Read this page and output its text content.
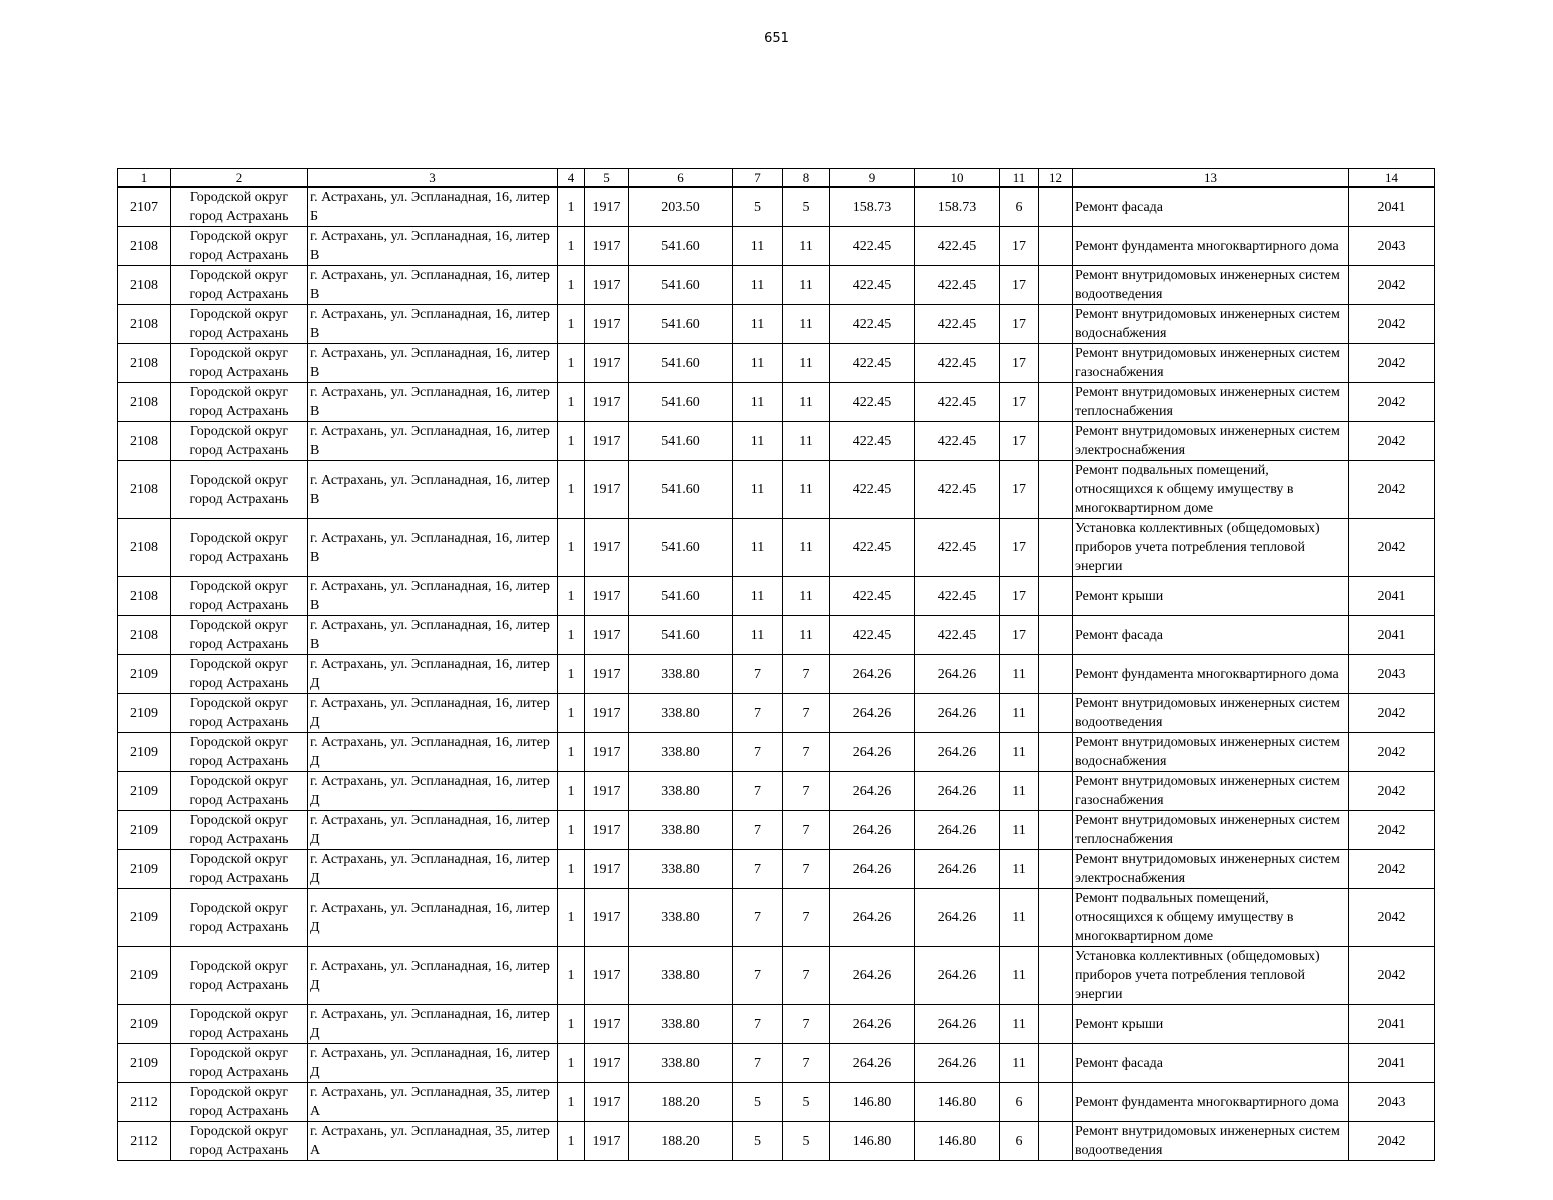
651
1	2	3	4	5	6	7	8	9	10	11	12	13	14
2107	Городской округ город Астрахань	г. Астрахань, ул. Эспланадная, 16, литер Б	1	1917	203.50	5	5	158.73	158.73	6		Ремонт фасада	2041
2108	Городской округ город Астрахань	г. Астрахань, ул. Эспланадная, 16, литер В	1	1917	541.60	11	11	422.45	422.45	17		Ремонт фундамента многоквартирного дома	2043
2108	Городской округ город Астрахань	г. Астрахань, ул. Эспланадная, 16, литер В	1	1917	541.60	11	11	422.45	422.45	17		Ремонт внутридомовых инженерных систем водоотведения	2042
2108	Городской округ город Астрахань	г. Астрахань, ул. Эспланадная, 16, литер В	1	1917	541.60	11	11	422.45	422.45	17		Ремонт внутридомовых инженерных систем водоснабжения	2042
2108	Городской округ город Астрахань	г. Астрахань, ул. Эспланадная, 16, литер В	1	1917	541.60	11	11	422.45	422.45	17		Ремонт внутридомовых инженерных систем газоснабжения	2042
2108	Городской округ город Астрахань	г. Астрахань, ул. Эспланадная, 16, литер В	1	1917	541.60	11	11	422.45	422.45	17		Ремонт внутридомовых инженерных систем теплоснабжения	2042
2108	Городской округ город Астрахань	г. Астрахань, ул. Эспланадная, 16, литер В	1	1917	541.60	11	11	422.45	422.45	17		Ремонт внутридомовых инженерных систем электроснабжения	2042
2108	Городской округ город Астрахань	г. Астрахань, ул. Эспланадная, 16, литер В	1	1917	541.60	11	11	422.45	422.45	17		Ремонт подвальных помещений, относящихся к общему имуществу в многоквартирном доме	2042
2108	Городской округ город Астрахань	г. Астрахань, ул. Эспланадная, 16, литер В	1	1917	541.60	11	11	422.45	422.45	17		Установка коллективных (общедомовых) приборов учета потребления тепловой энергии	2042
2108	Городской округ город Астрахань	г. Астрахань, ул. Эспланадная, 16, литер В	1	1917	541.60	11	11	422.45	422.45	17		Ремонт крыши	2041
2108	Городской округ город Астрахань	г. Астрахань, ул. Эспланадная, 16, литер В	1	1917	541.60	11	11	422.45	422.45	17		Ремонт фасада	2041
2109	Городской округ город Астрахань	г. Астрахань, ул. Эспланадная, 16, литер Д	1	1917	338.80	7	7	264.26	264.26	11		Ремонт фундамента многоквартирного дома	2043
2109	Городской округ город Астрахань	г. Астрахань, ул. Эспланадная, 16, литер Д	1	1917	338.80	7	7	264.26	264.26	11		Ремонт внутридомовых инженерных систем водоотведения	2042
2109	Городской округ город Астрахань	г. Астрахань, ул. Эспланадная, 16, литер Д	1	1917	338.80	7	7	264.26	264.26	11		Ремонт внутридомовых инженерных систем водоснабжения	2042
2109	Городской округ город Астрахань	г. Астрахань, ул. Эспланадная, 16, литер Д	1	1917	338.80	7	7	264.26	264.26	11		Ремонт внутридомовых инженерных систем газоснабжения	2042
2109	Городской округ город Астрахань	г. Астрахань, ул. Эспланадная, 16, литер Д	1	1917	338.80	7	7	264.26	264.26	11		Ремонт внутридомовых инженерных систем теплоснабжения	2042
2109	Городской округ город Астрахань	г. Астрахань, ул. Эспланадная, 16, литер Д	1	1917	338.80	7	7	264.26	264.26	11		Ремонт внутридомовых инженерных систем электроснабжения	2042
2109	Городской округ город Астрахань	г. Астрахань, ул. Эспланадная, 16, литер Д	1	1917	338.80	7	7	264.26	264.26	11		Ремонт подвальных помещений, относящихся к общему имуществу в многоквартирном доме	2042
2109	Городской округ город Астрахань	г. Астрахань, ул. Эспланадная, 16, литер Д	1	1917	338.80	7	7	264.26	264.26	11		Установка коллективных (общедомовых) приборов учета потребления тепловой энергии	2042
2109	Городской округ город Астрахань	г. Астрахань, ул. Эспланадная, 16, литер Д	1	1917	338.80	7	7	264.26	264.26	11		Ремонт крыши	2041
2109	Городской округ город Астрахань	г. Астрахань, ул. Эспланадная, 16, литер Д	1	1917	338.80	7	7	264.26	264.26	11		Ремонт фасада	2041
2112	Городской округ город Астрахань	г. Астрахань, ул. Эспланадная, 35, литер А	1	1917	188.20	5	5	146.80	146.80	6		Ремонт фундамента многоквартирного дома	2043
2112	Городской округ город Астрахань	г. Астрахань, ул. Эспланадная, 35, литер А	1	1917	188.20	5	5	146.80	146.80	6		Ремонт внутридомовых инженерных систем водоотведения	2042
